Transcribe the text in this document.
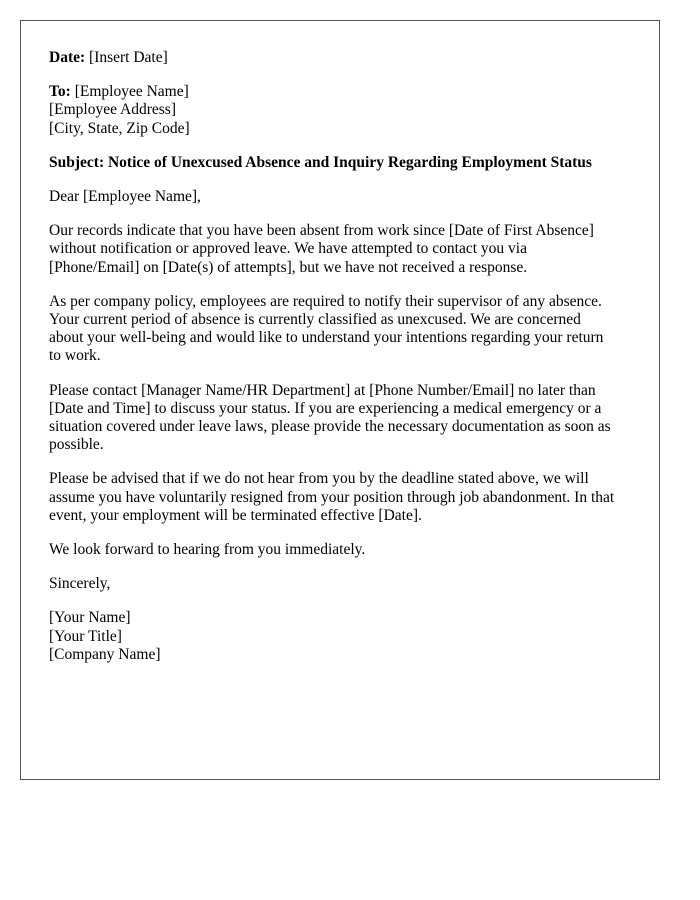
Date: [Insert Date]
To: [Employee Name]
[Employee Address]
[City, State, Zip Code]
Subject: Notice of Unexcused Absence and Inquiry Regarding Employment Status
Dear [Employee Name],
Our records indicate that you have been absent from work since [Date of First Absence]
without notification or approved leave. We have attempted to contact you via
[Phone/Email] on [Date(s) of attempts], but we have not received a response.
As per company policy, employees are required to notify their supervisor of any absence.
Your current period of absence is currently classified as unexcused. We are concerned
about your well-being and would like to understand your intentions regarding your return
to work.
Please contact [Manager Name/HR Department] at [Phone Number/Email] no later than
[Date and Time] to discuss your status. If you are experiencing a medical emergency or a
situation covered under leave laws, please provide the necessary documentation as soon as
possible.
Please be advised that if we do not hear from you by the deadline stated above, we will
assume you have voluntarily resigned from your position through job abandonment. In that
event, your employment will be terminated effective [Date].
We look forward to hearing from you immediately.
Sincerely,
[Your Name]
[Your Title]
[Company Name]
